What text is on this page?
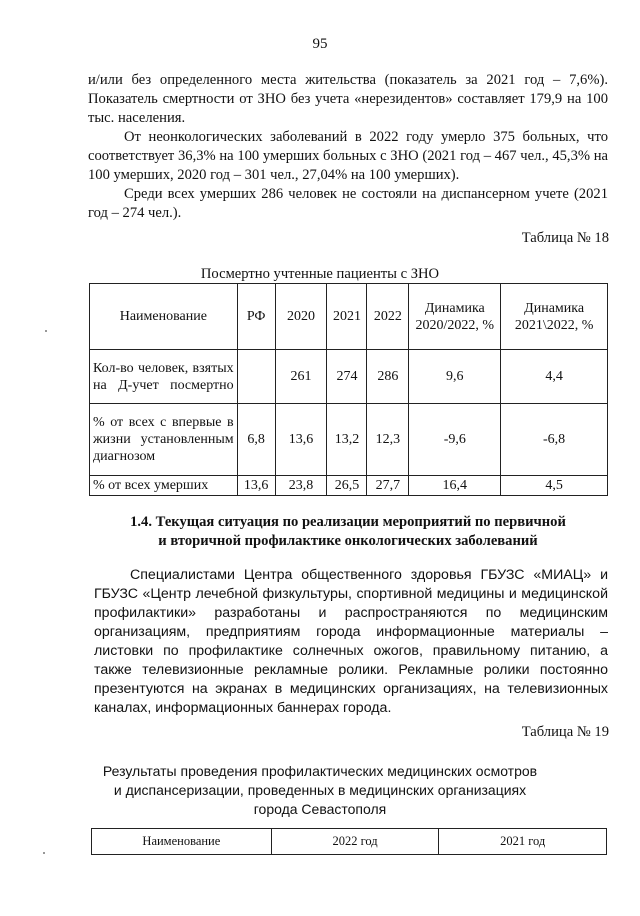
95
и/или без определенного места жительства (показатель за 2021 год – 7,6%). Показатель смертности от ЗНО без учета «нерезидентов» составляет 179,9 на 100 тыс. населения.
От неонкологических заболеваний в 2022 году умерло 375 больных, что соответствует 36,3% на 100 умерших больных с ЗНО (2021 год – 467 чел., 45,3% на 100 умерших, 2020 год – 301 чел., 27,04% на 100 умерших).
Среди всех умерших 286 человек не состояли на диспансерном учете (2021 год – 274 чел.).
Таблица № 18
Посмертно учтенные пациенты с ЗНО
Наименование	РФ	2020	2021	2022	Динамика 2020/2022, %	Динамика 2021\2022, %
Кол-во человек, взятых на Д-учет посмертно		261	274	286	9,6	4,4
% от всех с впервые в жизни установленным диагнозом	6,8	13,6	13,2	12,3	-9,6	-6,8
% от всех умерших	13,6	23,8	26,5	27,7	16,4	4,5
1.4. Текущая ситуация по реализации мероприятий по первичной
и вторичной профилактике онкологических заболеваний
Специалистами Центра общественного здоровья ГБУЗС «МИАЦ» и ГБУЗС «Центр лечебной физкультуры, спортивной медицины и медицинской профилактики» разработаны и распространяются по медицинским организациям, предприятиям города информационные материалы – листовки по профилактике солнечных ожогов, правильному питанию, а также телевизионные рекламные ролики. Рекламные ролики постоянно презентуются на экранах в медицинских организациях, на телевизионных каналах, информационных баннерах города.
Таблица № 19
Результаты проведения профилактических медицинских осмотров
и диспансеризации, проведенных в медицинских организациях
города Севастополя
Наименование	2022 год	2021 год
